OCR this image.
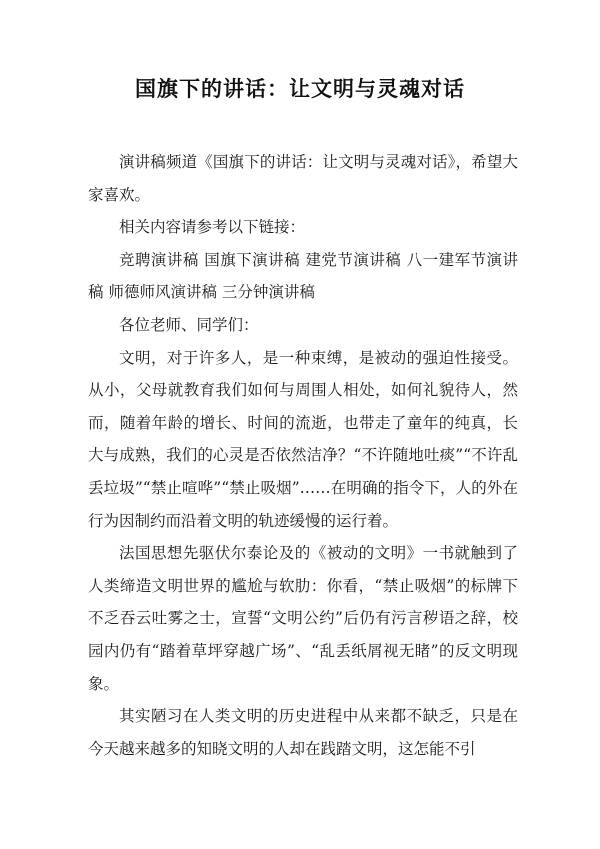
国旗下的讲话：让文明与灵魂对话

演讲稿频道《国旗下的讲话：让文明与灵魂对话》，希望大家喜欢。

相关内容请参考以下链接：

竞聘演讲稿 国旗下演讲稿 建党节演讲稿 八一建军节演讲稿 师德师风演讲稿 三分钟演讲稿

各位老师、同学们：

文明，对于许多人，是一种束缚，是被动的强迫性接受。从小，父母就教育我们如何与周围人相处，如何礼貌待人，然而，随着年龄的增长、时间的流逝，也带走了童年的纯真，长大与成熟，我们的心灵是否依然洁净？“不许随地吐痰”“不许乱丢垃圾”“禁止喧哗”“禁止吸烟”……在明确的指令下，人的外在行为因制约而沿着文明的轨迹缓慢的运行着。

法国思想先驱伏尔泰论及的《被动的文明》一书就触到了人类缔造文明世界的尴尬与软肋：你看，“禁止吸烟”的标牌下不乏吞云吐雾之士，宣誓“文明公约”后仍有污言秽语之辞，校园内仍有“踏着草坪穿越广场”、“乱丢纸屑视无睹”的反文明现象。

其实陋习在人类文明的历史进程中从来都不缺乏，只是在今天越来越多的知晓文明的人却在践踏文明，这怎能不引
